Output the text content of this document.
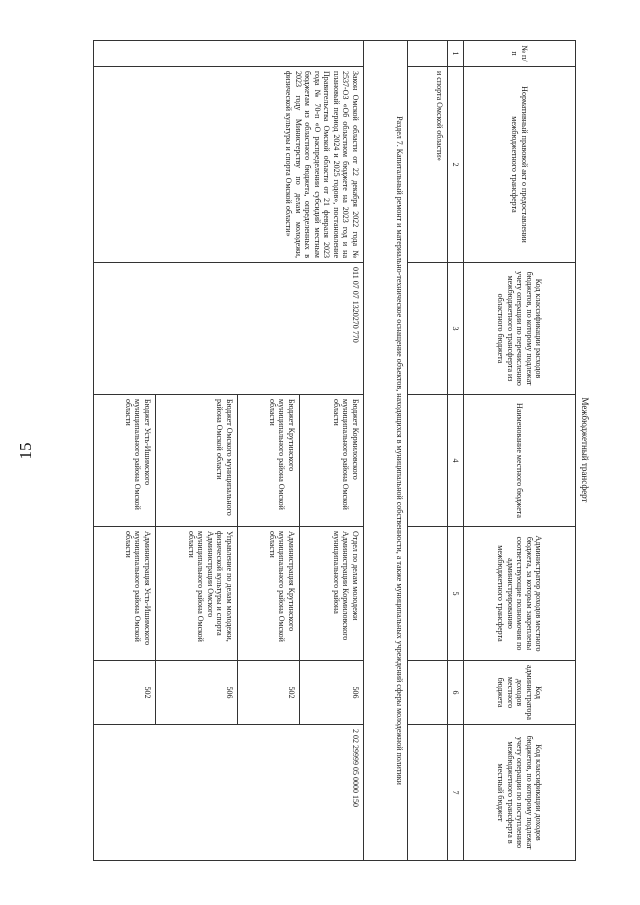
15	Межбюджетный трансферт
№ п/п	Нормативный правовой акт о предоставлении межбюджетного трансферта	Код классификации расходов бюджетов, по которому подлежат учету операции по перечислению межбюджетного трансферта из областного бюджета	Наименование местного бюджета	Администратор доходов местного бюджета, за которым закреплены соответствующие полномочия по администрированию межбюджетного трансферта	Код администратора доходов местного бюджета	Код классификации доходов бюджетов, по которому подлежат учету операции по поступлению межбюджетного трансферта в местный бюджет
1	2	3	4	5	6	7
	и спорта Омской области»					
Раздел 7. Капитальный ремонт и материально-техническое оснащение объектов, находящихся в муниципальной собственности, а также муниципальных учреждений сферы молодежной политики						
	Закон Омской области от 22 декабря 2022 года № 2537-ОЗ «Об областном бюджете на 2023 год и на плановый период 2024 и 2025 годов», постановление Правительства Омской области от 21 февраля 2023 года № 70-п «О распределении субсидий местным бюджетам из областного бюджета, определенных в 2023 году Министерству по делам молодежи, физической культуры и спорта Омской области»	011 07 07 1320270 770	Бюджет Кормиловского муниципального района Омской области	Отдел по делам молодежи Администрации Кормиловского муниципального района	506	2 02 29999 05 0000 150
			Бюджет Крутинского муниципального района Омской области	Администрация Крутинского муниципального района Омской области	502	
			Бюджет Омского муниципального района Омской области	Управление по делам молодежи, физической культуры и спорта Администрации Омского муниципального района Омской области	506	
			Бюджет Усть-Ишимского муниципального района Омской области	Администрация Усть-Ишимского муниципального района Омской области	502	
